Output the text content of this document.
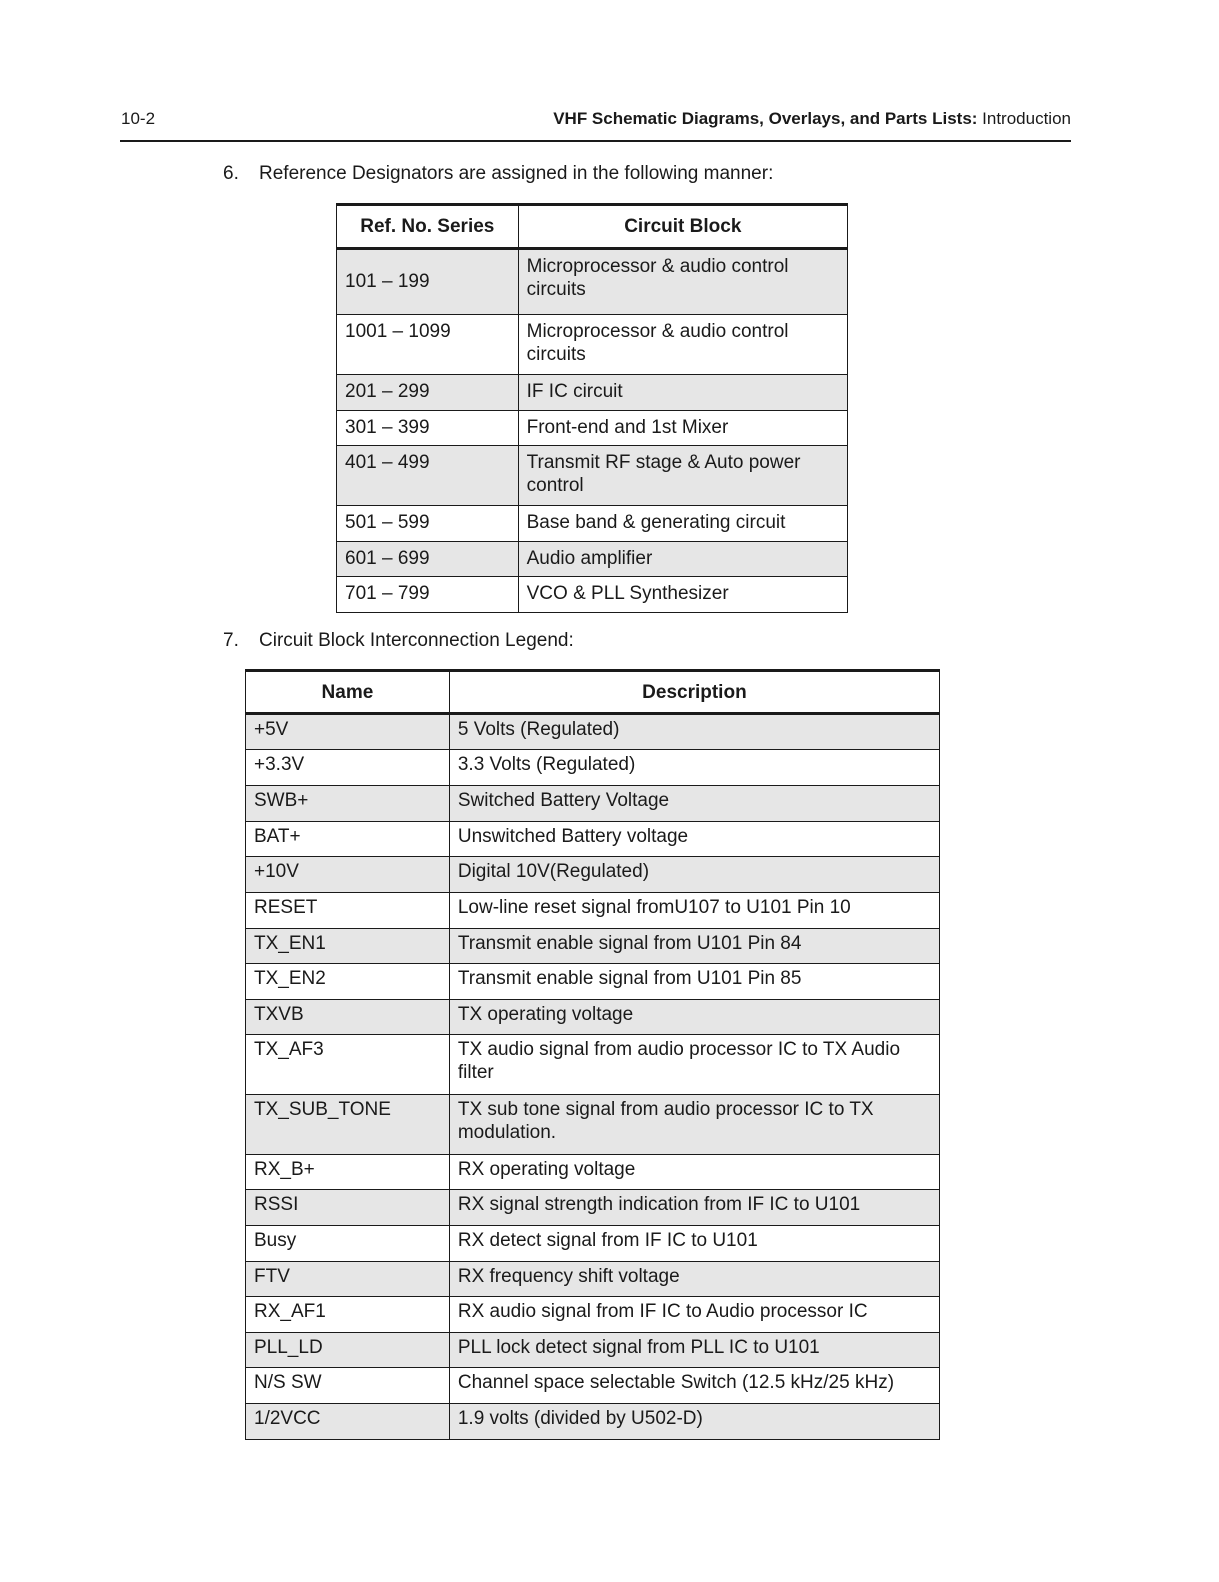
10-2	VHF Schematic Diagrams, Overlays, and Parts Lists: Introduction
6. Reference Designators are assigned in the following manner:
Ref. No. Series	Circuit Block
101 – 199	Microprocessor & audio control circuits
1001 – 1099	Microprocessor & audio control circuits
201 – 299	IF IC circuit
301 – 399	Front-end and 1st Mixer
401 – 499	Transmit RF stage & Auto power control
501 – 599	Base band & generating circuit
601 – 699	Audio amplifier
701 – 799	VCO & PLL Synthesizer
7. Circuit Block Interconnection Legend:
Name	Description
+5V	5 Volts (Regulated)
+3.3V	3.3 Volts (Regulated)
SWB+	Switched Battery Voltage
BAT+	Unswitched Battery voltage
+10V	Digital 10V(Regulated)
RESET	Low-line reset signal fromU107 to U101 Pin 10
TX_EN1	Transmit enable signal from U101 Pin 84
TX_EN2	Transmit enable signal from U101 Pin 85
TXVB	TX operating voltage
TX_AF3	TX audio signal from audio processor IC to TX Audio filter
TX_SUB_TONE	TX sub tone signal from audio processor IC to TX modulation.
RX_B+	RX operating voltage
RSSI	RX signal strength indication from IF IC to U101
Busy	RX detect signal from IF IC to U101
FTV	RX frequency shift voltage
RX_AF1	RX audio signal from IF IC to Audio processor IC
PLL_LD	PLL lock detect signal from PLL IC to U101
N/S SW	Channel space selectable Switch (12.5 kHz/25 kHz)
1/2VCC	1.9 volts (divided by U502-D)
